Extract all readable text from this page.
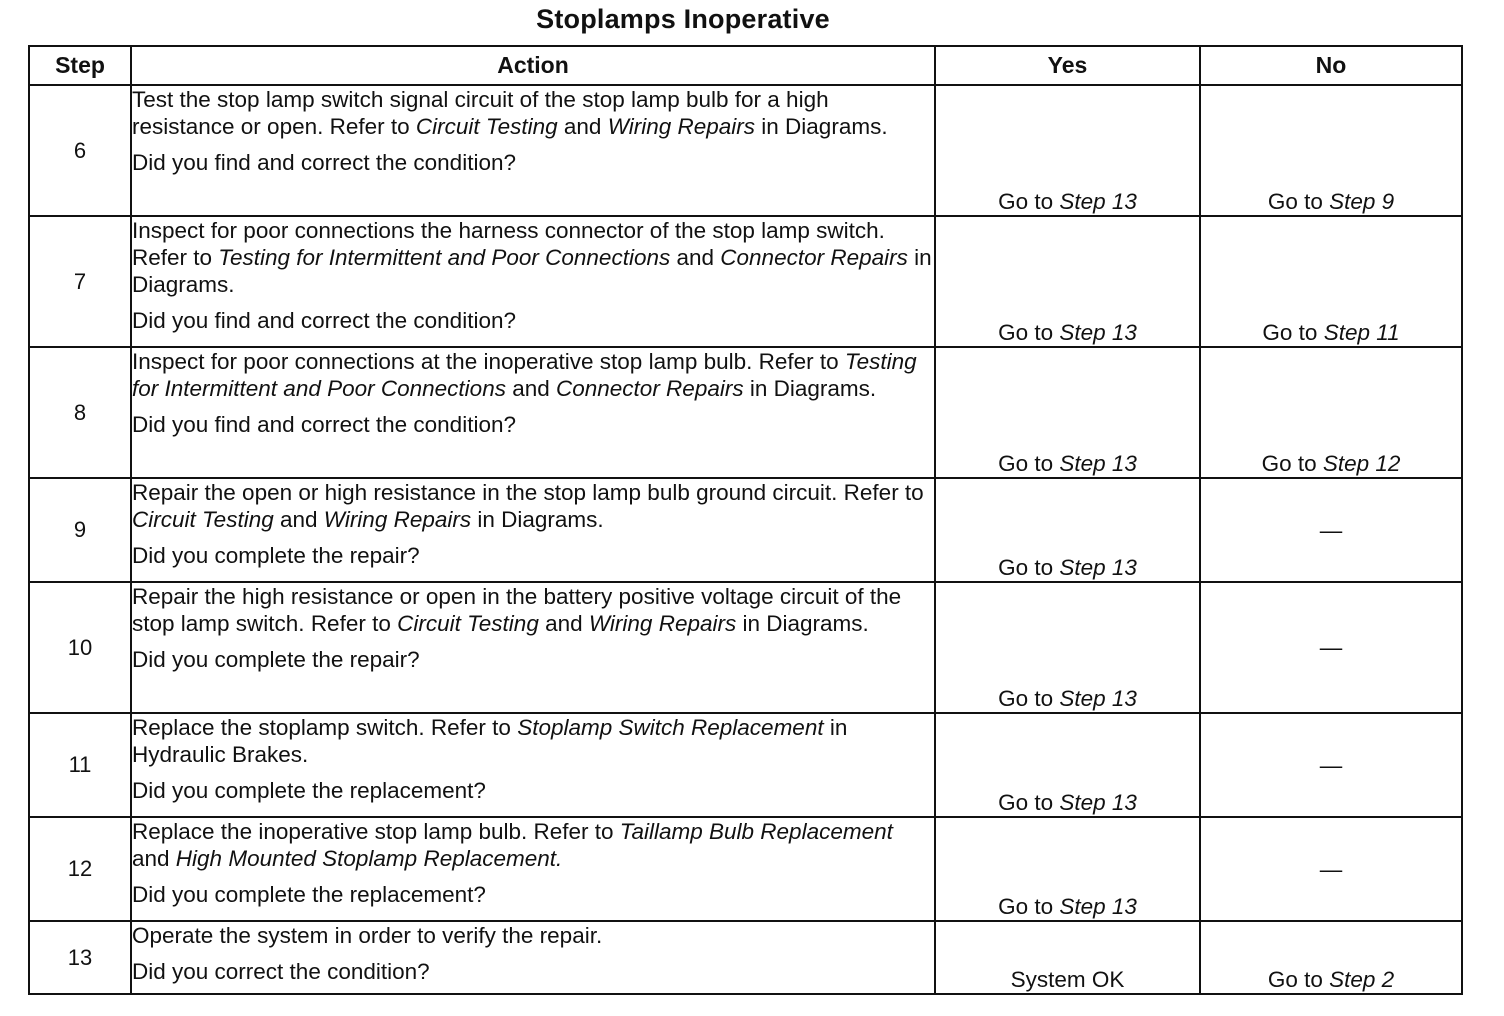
Stoplamps Inoperative
Step	Action	Yes	No
6	Test the stop lamp switch signal circuit of the stop lamp bulb for a high resistance or open. Refer to Circuit Testing and Wiring Repairs in Diagrams.

Did you find and correct the condition?	Go to Step 13	Go to Step 9
7	Inspect for poor connections the harness connector of the stop lamp switch. Refer to Testing for Intermittent and Poor Connections and Connector Repairs in Diagrams.

Did you find and correct the condition?	Go to Step 13	Go to Step 11
8	Inspect for poor connections at the inoperative stop lamp bulb. Refer to Testing for Intermittent and Poor Connections and Connector Repairs in Diagrams.

Did you find and correct the condition?	Go to Step 13	Go to Step 12
9	Repair the open or high resistance in the stop lamp bulb ground circuit. Refer to Circuit Testing and Wiring Repairs in Diagrams.

Did you complete the repair?	Go to Step 13	—
10	Repair the high resistance or open in the battery positive voltage circuit of the stop lamp switch. Refer to Circuit Testing and Wiring Repairs in Diagrams.

Did you complete the repair?	Go to Step 13	—
11	Replace the stoplamp switch. Refer to Stoplamp Switch Replacement in Hydraulic Brakes.

Did you complete the replacement?	Go to Step 13	—
12	Replace the inoperative stop lamp bulb. Refer to Taillamp Bulb Replacement and High Mounted Stoplamp Replacement.

Did you complete the replacement?	Go to Step 13	—
13	Operate the system in order to verify the repair.

Did you correct the condition?	System OK	Go to Step 2
